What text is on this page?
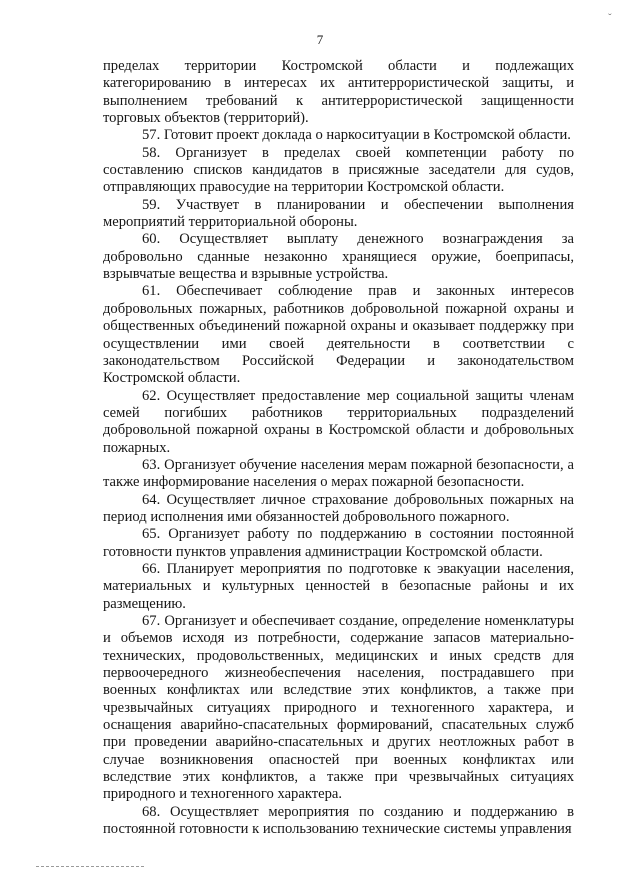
ˇ
7

пределах территории Костромской области и подлежащих категорированию в интересах их антитеррористической защиты, и выполнением требований к антитеррористической защищенности торговых объектов (территорий).

57. Готовит проект доклада о наркоситуации в Костромской области.

58. Организует в пределах своей компетенции работу по составлению списков кандидатов в присяжные заседатели для судов, отправляющих правосудие на территории Костромской области.

59. Участвует в планировании и обеспечении выполнения мероприятий территориальной обороны.

60. Осуществляет выплату денежного вознаграждения за добровольно сданные незаконно хранящиеся оружие, боеприпасы, взрывчатые вещества и взрывные устройства.

61. Обеспечивает соблюдение прав и законных интересов добровольных пожарных, работников добровольной пожарной охраны и общественных объединений пожарной охраны и оказывает поддержку при осуществлении ими своей деятельности в соответствии с законодательством Российской Федерации и законодательством Костромской области.

62. Осуществляет предоставление мер социальной защиты членам семей погибших работников территориальных подразделений добровольной пожарной охраны в Костромской области и добровольных пожарных.

63. Организует обучение населения мерам пожарной безопасности, а также информирование населения о мерах пожарной безопасности.

64. Осуществляет личное страхование добровольных пожарных на период исполнения ими обязанностей добровольного пожарного.

65. Организует работу по поддержанию в состоянии постоянной готовности пунктов управления администрации Костромской области.

66. Планирует мероприятия по подготовке к эвакуации населения, материальных и культурных ценностей в безопасные районы и их размещению.

67. Организует и обеспечивает создание, определение номенклатуры и объемов исходя из потребности, содержание запасов материально-технических, продовольственных, медицинских и иных средств для первоочередного жизнеобеспечения населения, пострадавшего при военных конфликтах или вследствие этих конфликтов, а также при чрезвычайных ситуациях природного и техногенного характера, и оснащения аварийно-спасательных формирований, спасательных служб при проведении аварийно-спасательных и других неотложных работ в случае возникновения опасностей при военных конфликтах или вследствие этих конфликтов, а также при чрезвычайных ситуациях природного и техногенного характера.

68. Осуществляет мероприятия по созданию и поддержанию в постоянной готовности к использованию технические системы управления
